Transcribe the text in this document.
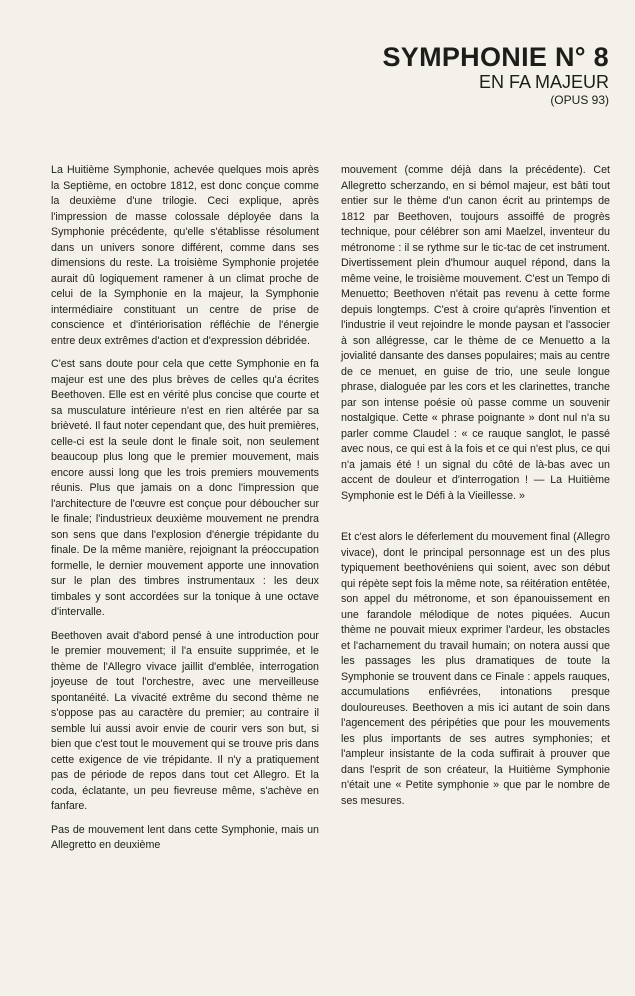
SYMPHONIE N° 8
EN FA MAJEUR
(OPUS 93)

La Huitième Symphonie, achevée quelques mois après la Septième, en octobre 1812, est donc conçue comme la deuxième d'une trilogie. Ceci explique, après l'impression de masse colossale déployée dans la Symphonie précédente, qu'elle s'établisse résolument dans un univers sonore différent, comme dans ses dimensions du reste. La troisième Symphonie projetée aurait dû logiquement ramener à un climat proche de celui de la Symphonie en la majeur, la Symphonie intermédiaire constituant un centre de prise de conscience et d'intériorisation réfléchie de l'énergie entre deux extrêmes d'action et d'expression débridée.

C'est sans doute pour cela que cette Symphonie en fa majeur est une des plus brèves de celles qu'a écrites Beethoven. Elle est en vérité plus concise que courte et sa musculature intérieure n'est en rien altérée par sa brièveté. Il faut noter cependant que, des huit premières, celle-ci est la seule dont le finale soit, non seulement beaucoup plus long que le premier mouvement, mais encore aussi long que les trois premiers mouvements réunis. Plus que jamais on a donc l'impression que l'architecture de l'œuvre est conçue pour déboucher sur le finale; l'industrieux deuxième mouvement ne prendra son sens que dans l'explosion d'énergie trépidante du finale. De la même manière, rejoignant la préoccupation formelle, le dernier mouvement apporte une innovation sur le plan des timbres instrumentaux : les deux timbales y sont accordées sur la tonique à une octave d'intervalle.

Beethoven avait d'abord pensé à une introduction pour le premier mouvement; il l'a ensuite supprimée, et le thème de l'Allegro vivace jaillit d'emblée, interrogation joyeuse de tout l'orchestre, avec une merveilleuse spontanéité. La vivacité extrême du second thème ne s'oppose pas au caractère du premier; au contraire il semble lui aussi avoir envie de courir vers son but, si bien que c'est tout le mouvement qui se trouve pris dans cette exigence de vie trépidante. Il n'y a pratiquement pas de période de repos dans tout cet Allegro. Et la coda, éclatante, un peu fievreuse même, s'achève en fanfare.

Pas de mouvement lent dans cette Symphonie, mais un Allegretto en deuxième

mouvement (comme déjà dans la précédente). Cet Allegretto scherzando, en si bémol majeur, est bâti tout entier sur le thème d'un canon écrit au printemps de 1812 par Beethoven, toujours assoiffé de progrès technique, pour célébrer son ami Maelzel, inventeur du métronome : il se rythme sur le tic-tac de cet instrument. Divertissement plein d'humour auquel répond, dans la même veine, le troisième mouvement. C'est un Tempo di Menuetto; Beethoven n'était pas revenu à cette forme depuis longtemps. C'est à croire qu'après l'invention et l'industrie il veut rejoindre le monde paysan et l'associer à son allégresse, car le thème de ce Menuetto a la jovialité dansante des danses populaires; mais au centre de ce menuet, en guise de trio, une seule longue phrase, dialoguée par les cors et les clarinettes, tranche par son intense poésie où passe comme un souvenir nostalgique. Cette « phrase poignante » dont nul n'a su parler comme Claudel : « ce rauque sanglot, le passé avec nous, ce qui est à la fois et ce qui n'est plus, ce qui n'a jamais été ! un signal du côté de là-bas avec un accent de douleur et d'interrogation ! — La Huitième Symphonie est le Défi à la Vieillesse. »

Et c'est alors le déferlement du mouvement final (Allegro vivace), dont le principal personnage est un des plus typiquement beethovéniens qui soient, avec son début qui répète sept fois la même note, sa réitération entêtée, son appel du métronome, et son épanouissement en une farandole mélodique de notes piquées. Aucun thème ne pouvait mieux exprimer l'ardeur, les obstacles et l'acharnement du travail humain; on notera aussi que les passages les plus dramatiques de toute la Symphonie se trouvent dans ce Finale : appels rauques, accumulations enfiévrées, intonations presque douloureuses. Beethoven a mis ici autant de soin dans l'agencement des péripéties que pour les mouvements les plus importants de ses autres symphonies; et l'ampleur insistante de la coda suffirait à prouver que dans l'esprit de son créateur, la Huitième Symphonie n'était une « Petite symphonie » que par le nombre de ses mesures.
